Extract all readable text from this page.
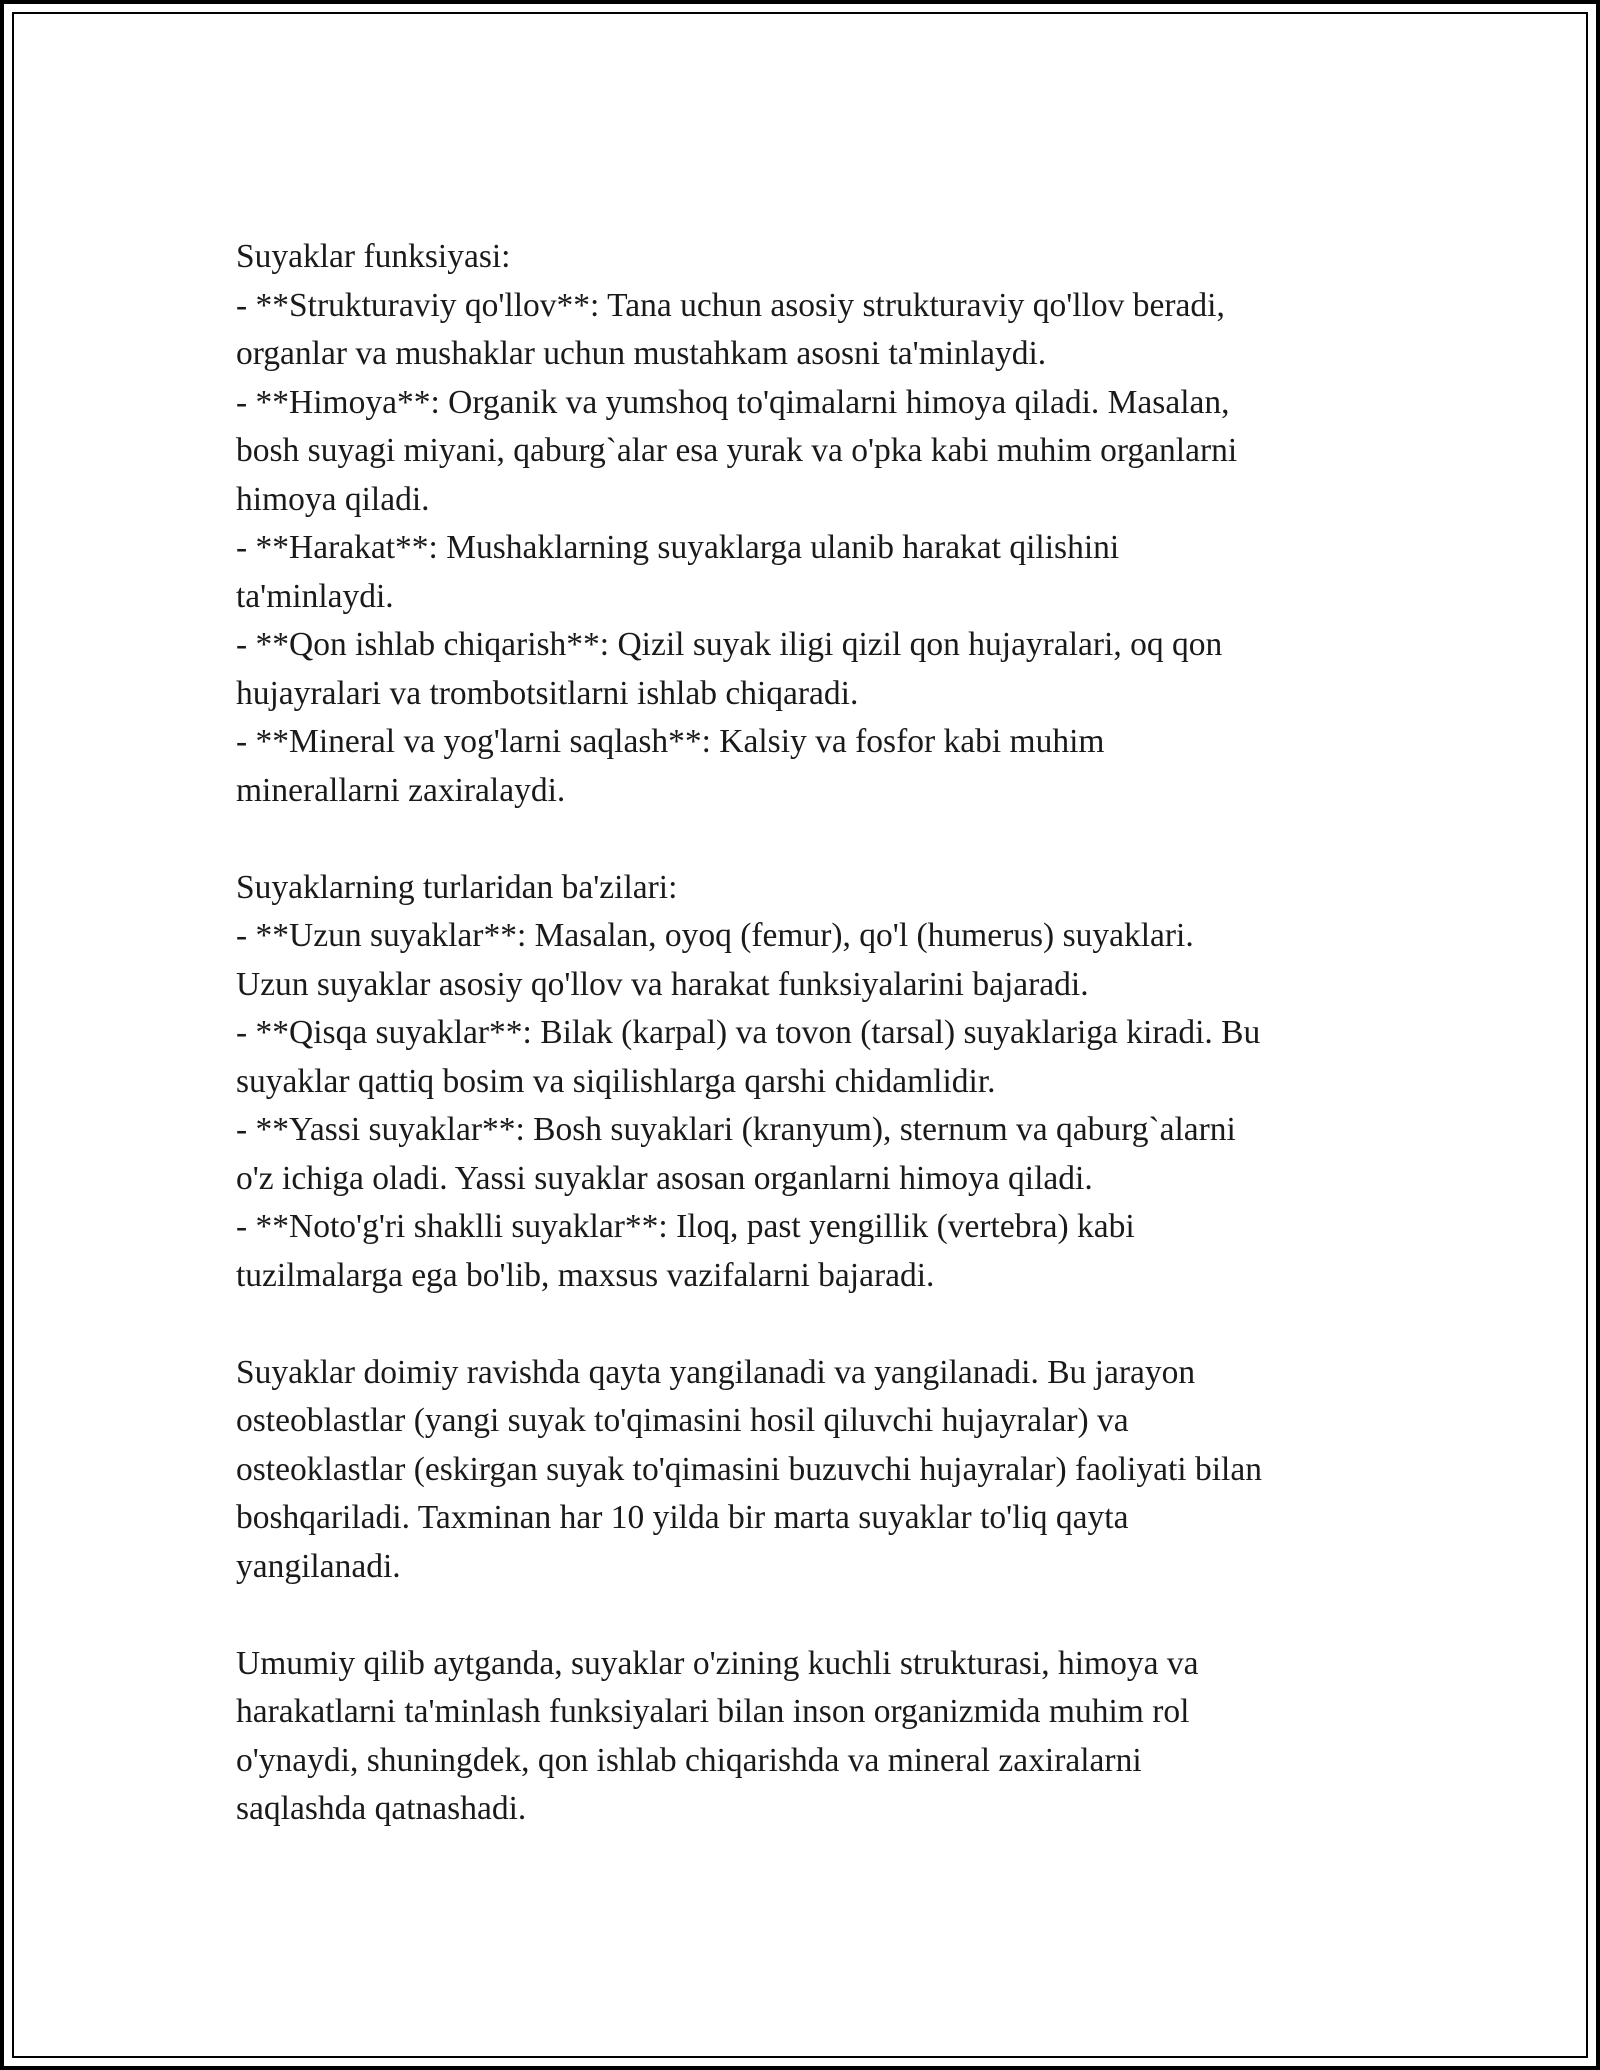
Suyaklar funksiyasi:
- **Strukturaviy qo'llov**: Tana uchun asosiy strukturaviy qo'llov beradi,
organlar va mushaklar uchun mustahkam asosni ta'minlaydi.
- **Himoya**: Organik va yumshoq to'qimalarni himoya qiladi. Masalan,
bosh suyagi miyani, qaburg`alar esa yurak va o'pka kabi muhim organlarni
himoya qiladi.
- **Harakat**: Mushaklarning suyaklarga ulanib harakat qilishini
ta'minlaydi.
- **Qon ishlab chiqarish**: Qizil suyak iligi qizil qon hujayralari, oq qon
hujayralari va trombotsitlarni ishlab chiqaradi.
- **Mineral va yog'larni saqlash**: Kalsiy va fosfor kabi muhim
minerallarni zaxiralaydi.
Suyaklarning turlaridan ba'zilari:
- **Uzun suyaklar**: Masalan, oyoq (femur), qo'l (humerus) suyaklari.
Uzun suyaklar asosiy qo'llov va harakat funksiyalarini bajaradi.
- **Qisqa suyaklar**: Bilak (karpal) va tovon (tarsal) suyaklariga kiradi. Bu
suyaklar qattiq bosim va siqilishlarga qarshi chidamlidir.
- **Yassi suyaklar**: Bosh suyaklari (kranyum), sternum va qaburg`alarni
o'z ichiga oladi. Yassi suyaklar asosan organlarni himoya qiladi.
- **Noto'g'ri shaklli suyaklar**: Iloq, past yengillik (vertebra) kabi
tuzilmalarga ega bo'lib, maxsus vazifalarni bajaradi.
Suyaklar doimiy ravishda qayta yangilanadi va yangilanadi. Bu jarayon
osteoblastlar (yangi suyak to'qimasini hosil qiluvchi hujayralar) va
osteoklastlar (eskirgan suyak to'qimasini buzuvchi hujayralar) faoliyati bilan
boshqariladi. Taxminan har 10 yilda bir marta suyaklar to'liq qayta
yangilanadi.
Umumiy qilib aytganda, suyaklar o'zining kuchli strukturasi, himoya va
harakatlarni ta'minlash funksiyalari bilan inson organizmida muhim rol
o'ynaydi, shuningdek, qon ishlab chiqarishda va mineral zaxiralarni
saqlashda qatnashadi.
